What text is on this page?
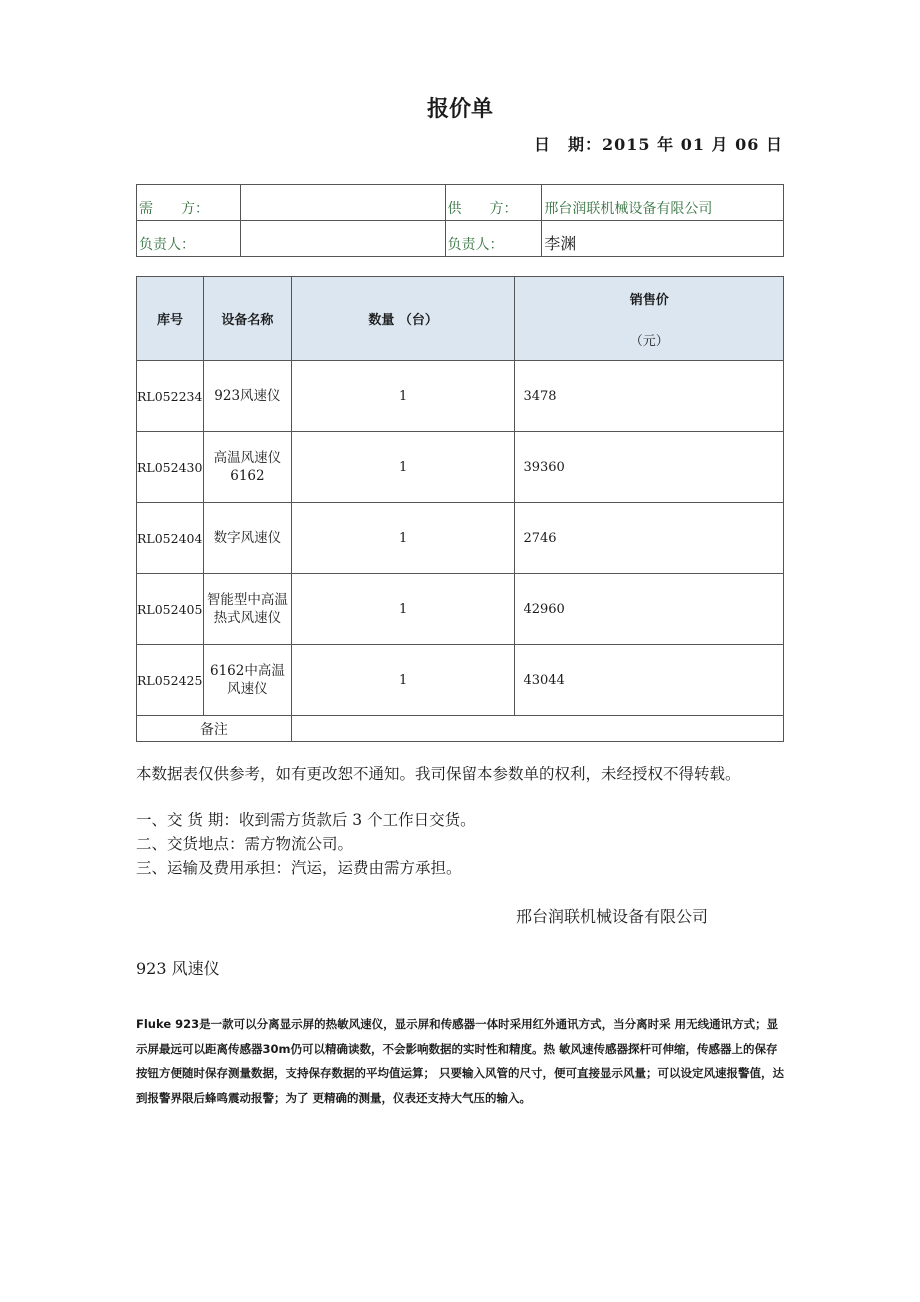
报价单
日　期：2015 年 01 月 06 日
需　　方：		供　　方：	邢台润联机械设备有限公司
负责人：		负责人：	李渊
库号	设备名称	数量 （台）	销售价
（元）

RL052234	923风速仪	1	3478
RL052430	高温风速仪6162	1	39360
RL052404	数字风速仪	1	2746
RL052405	智能型中高温热式风速仪	1	42960
RL052425	6162中高温风速仪	1	43044
备注			
本数据表仅供参考，如有更改恕不通知。我司保留本参数单的权利，未经授权不得转载。
一、交 货 期：收到需方货款后 3 个工作日交货。
二、交货地点：需方物流公司。
三、运输及费用承担：汽运，运费由需方承担。
邢台润联机械设备有限公司
923 风速仪
Fluke 923是一款可以分离显示屏的热敏风速仪，显示屏和传感器一体时采用红外通讯方式，当分离时采 用无线通讯方式；显示屏最远可以距离传感器30m仍可以精确读数，不会影响数据的实时性和精度。热 敏风速传感器探杆可伸缩，传感器上的保存按钮方便随时保存测量数据，支持保存数据的平均值运算； 只要输入风管的尺寸，便可直接显示风量；可以设定风速报警值，达到报警界限后蜂鸣震动报警；为了 更精确的测量，仪表还支持大气压的输入。
